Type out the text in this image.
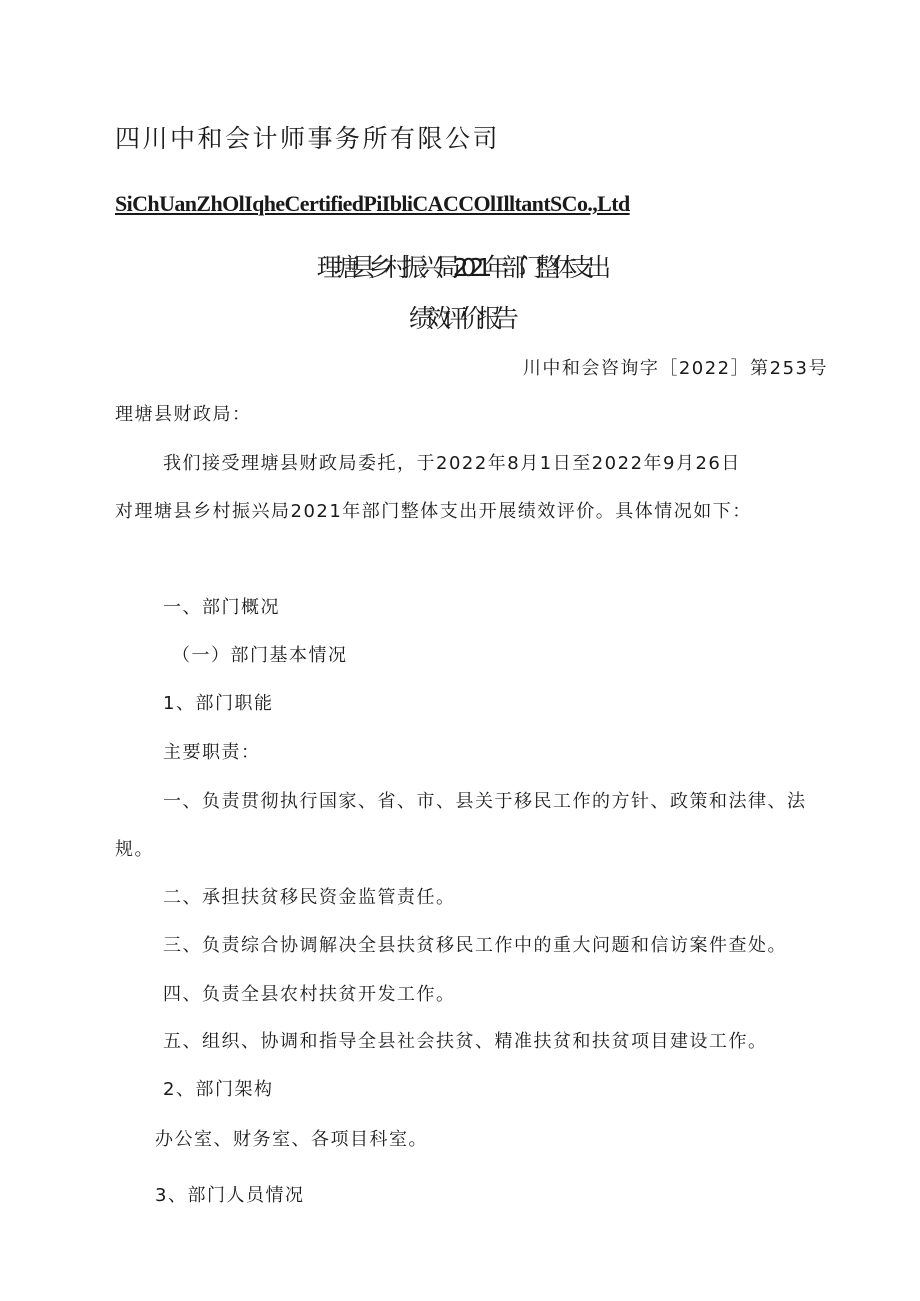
四川中和会计师事务所有限公司
SiChUanZhOlIqheCertifiedPiIbliCACCOlIlltantSCo.,Ltd
理塘县乡村振兴局2021年部门整体支出
绩效评价报告
川中和会咨询字［2022］第253号
理塘县财政局：
我们接受理塘县财政局委托，于2022年8月1日至2022年9月26日
对理塘县乡村振兴局2021年部门整体支出开展绩效评价。具体情况如下：
一、部门概况
（一）部门基本情况
1、部门职能
主要职责：
一、负责贯彻执行国家、省、市、县关于移民工作的方针、政策和法律、法
规。
二、承担扶贫移民资金监管责任。
三、负责综合协调解决全县扶贫移民工作中的重大问题和信访案件查处。
四、负责全县农村扶贫开发工作。
五、组织、协调和指导全县社会扶贫、精准扶贫和扶贫项目建设工作。
2、部门架构
办公室、财务室、各项目科室。
3、部门人员情况
